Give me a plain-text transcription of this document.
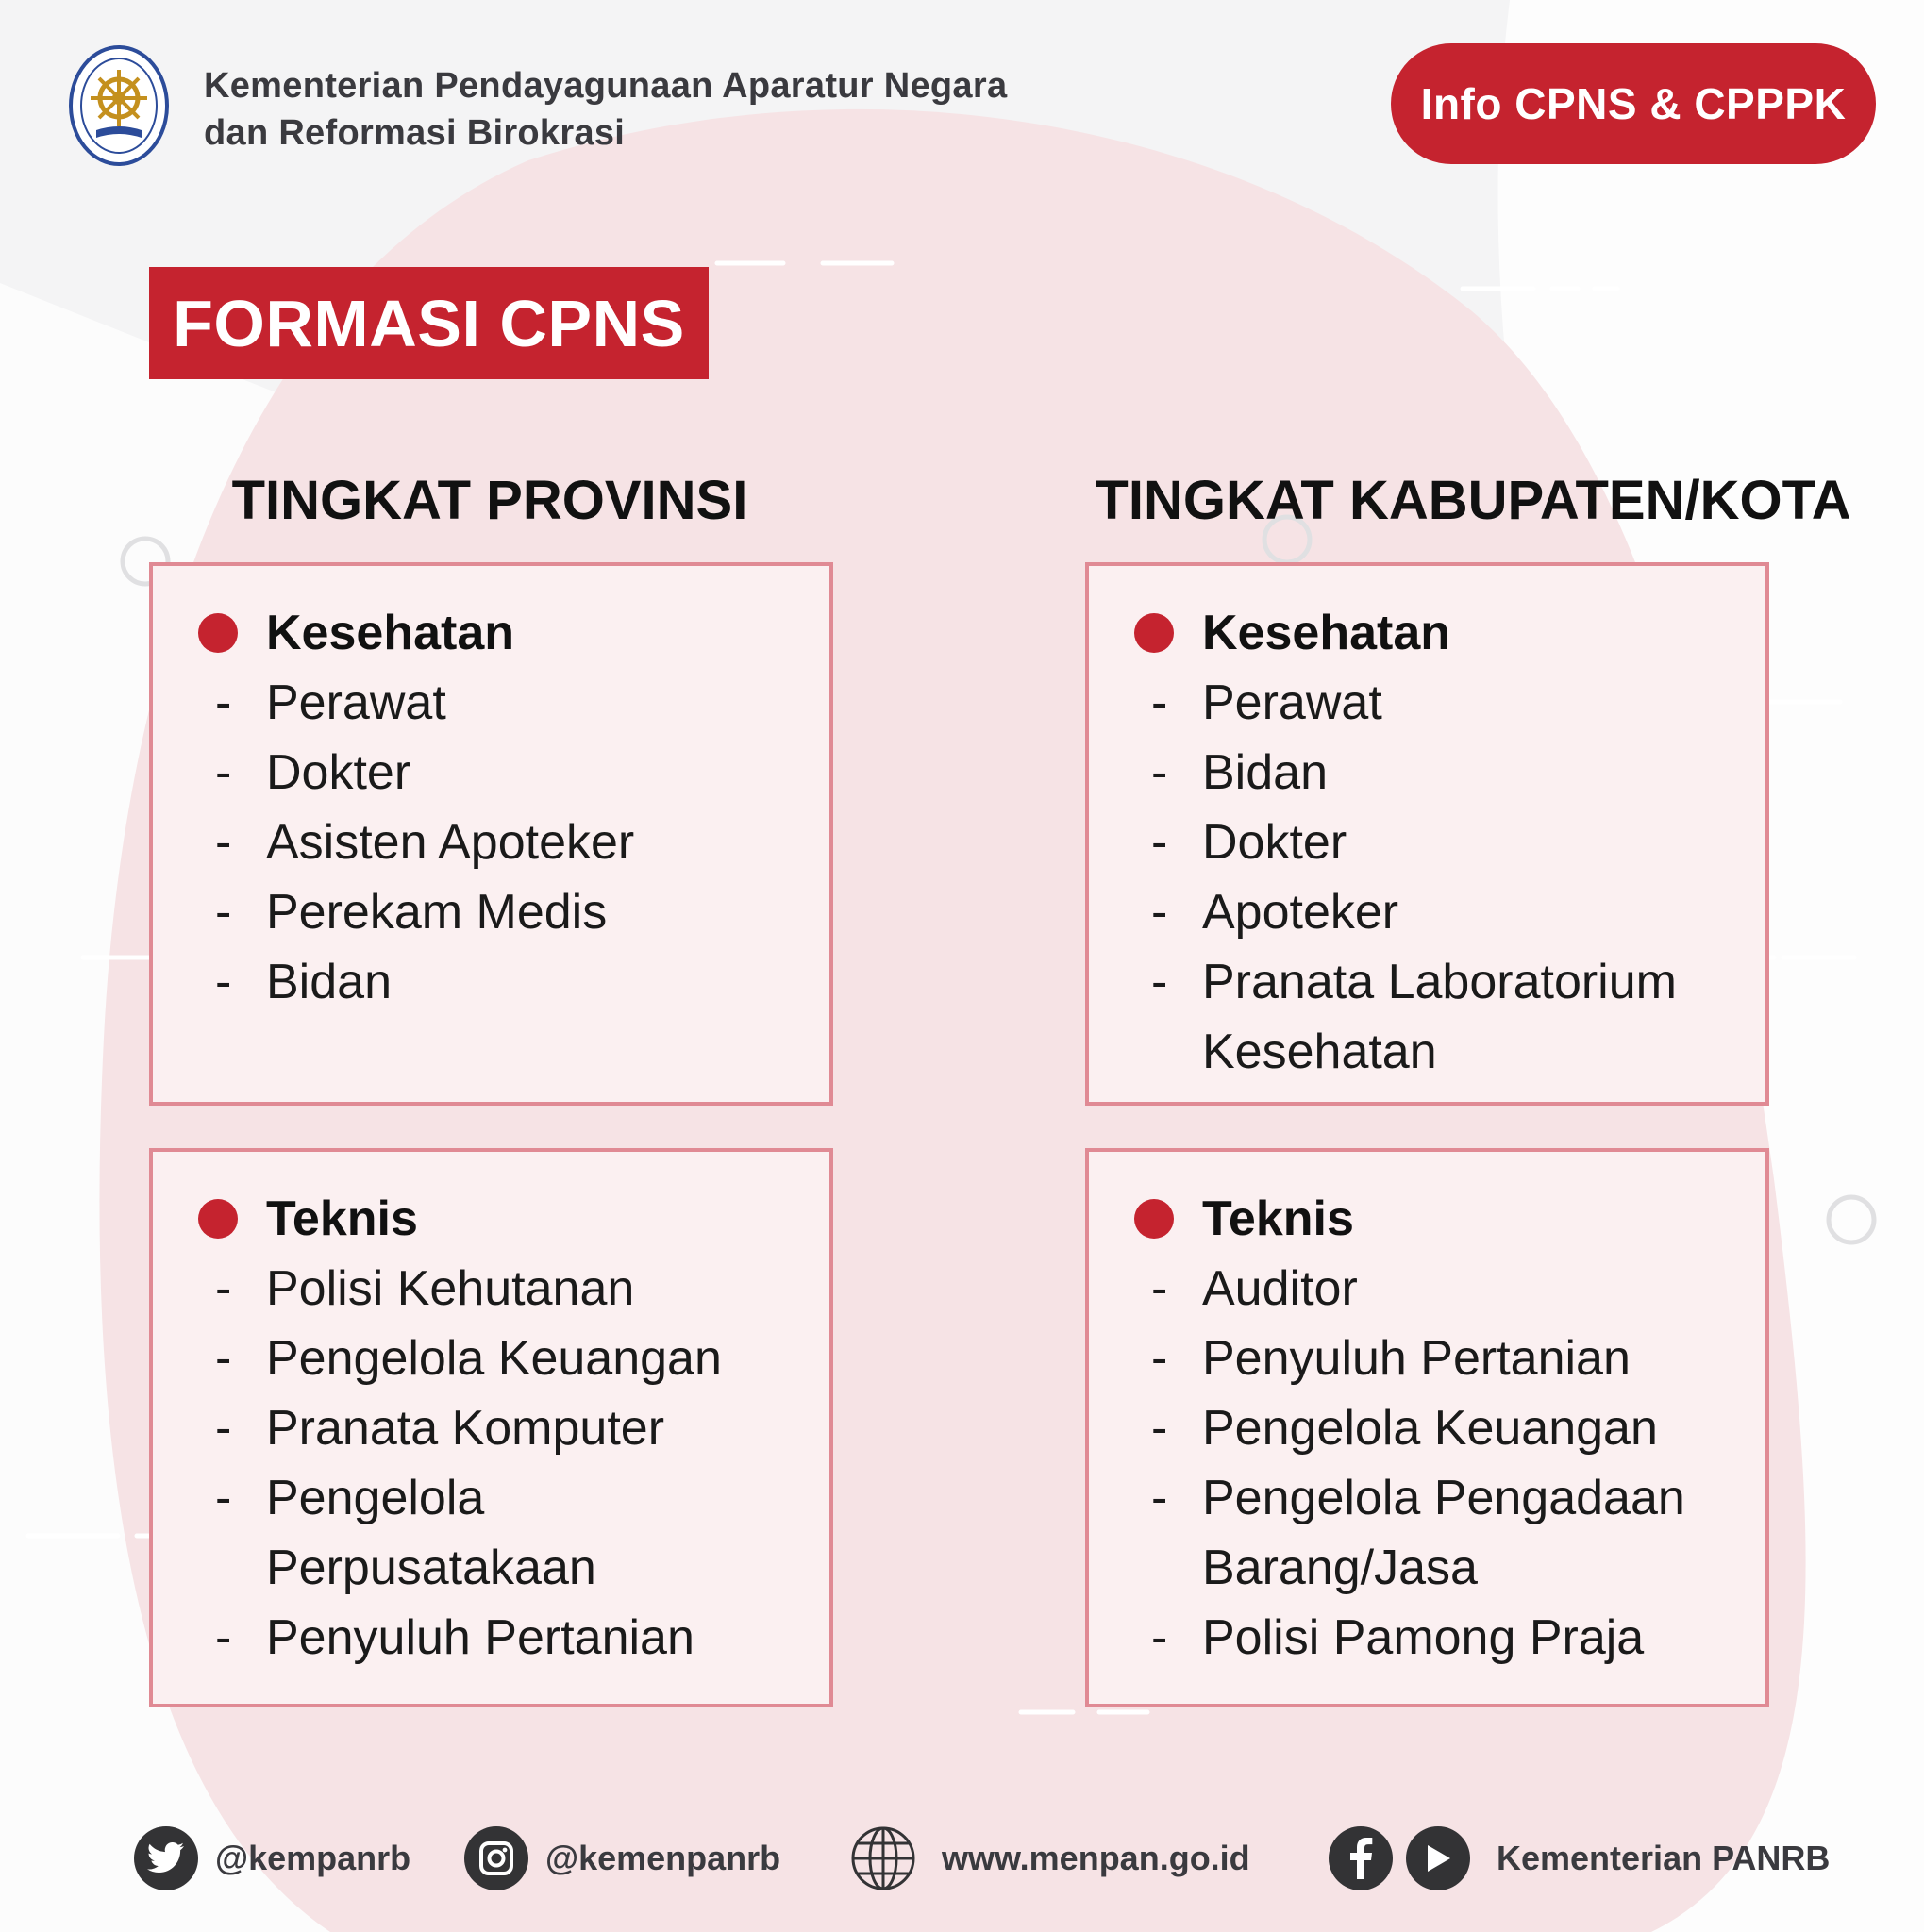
Kementerian Pendayagunaan Aparatur Negara
dan Reformasi Birokrasi
Info CPNS & CPPPK
FORMASI CPNS
TINGKAT PROVINSI	TINGKAT KABUPATEN/KOTA
Kesehatan
- Perawat
- Dokter
- Asisten Apoteker
- Perekam Medis
- Bidan
Kesehatan
- Perawat
- Bidan
- Dokter
- Apoteker
- Pranata Laboratorium
Kesehatan
Teknis
- Polisi Kehutanan
- Pengelola Keuangan
- Pranata Komputer
- Pengelola
Perpusatakaan
- Penyuluh Pertanian
Teknis
- Auditor
- Penyuluh Pertanian
- Pengelola Keuangan
- Pengelola Pengadaan
Barang/Jasa
- Polisi Pamong Praja
@kempanrb	@kemenpanrb	www.menpan.go.id	Kementerian PANRB
